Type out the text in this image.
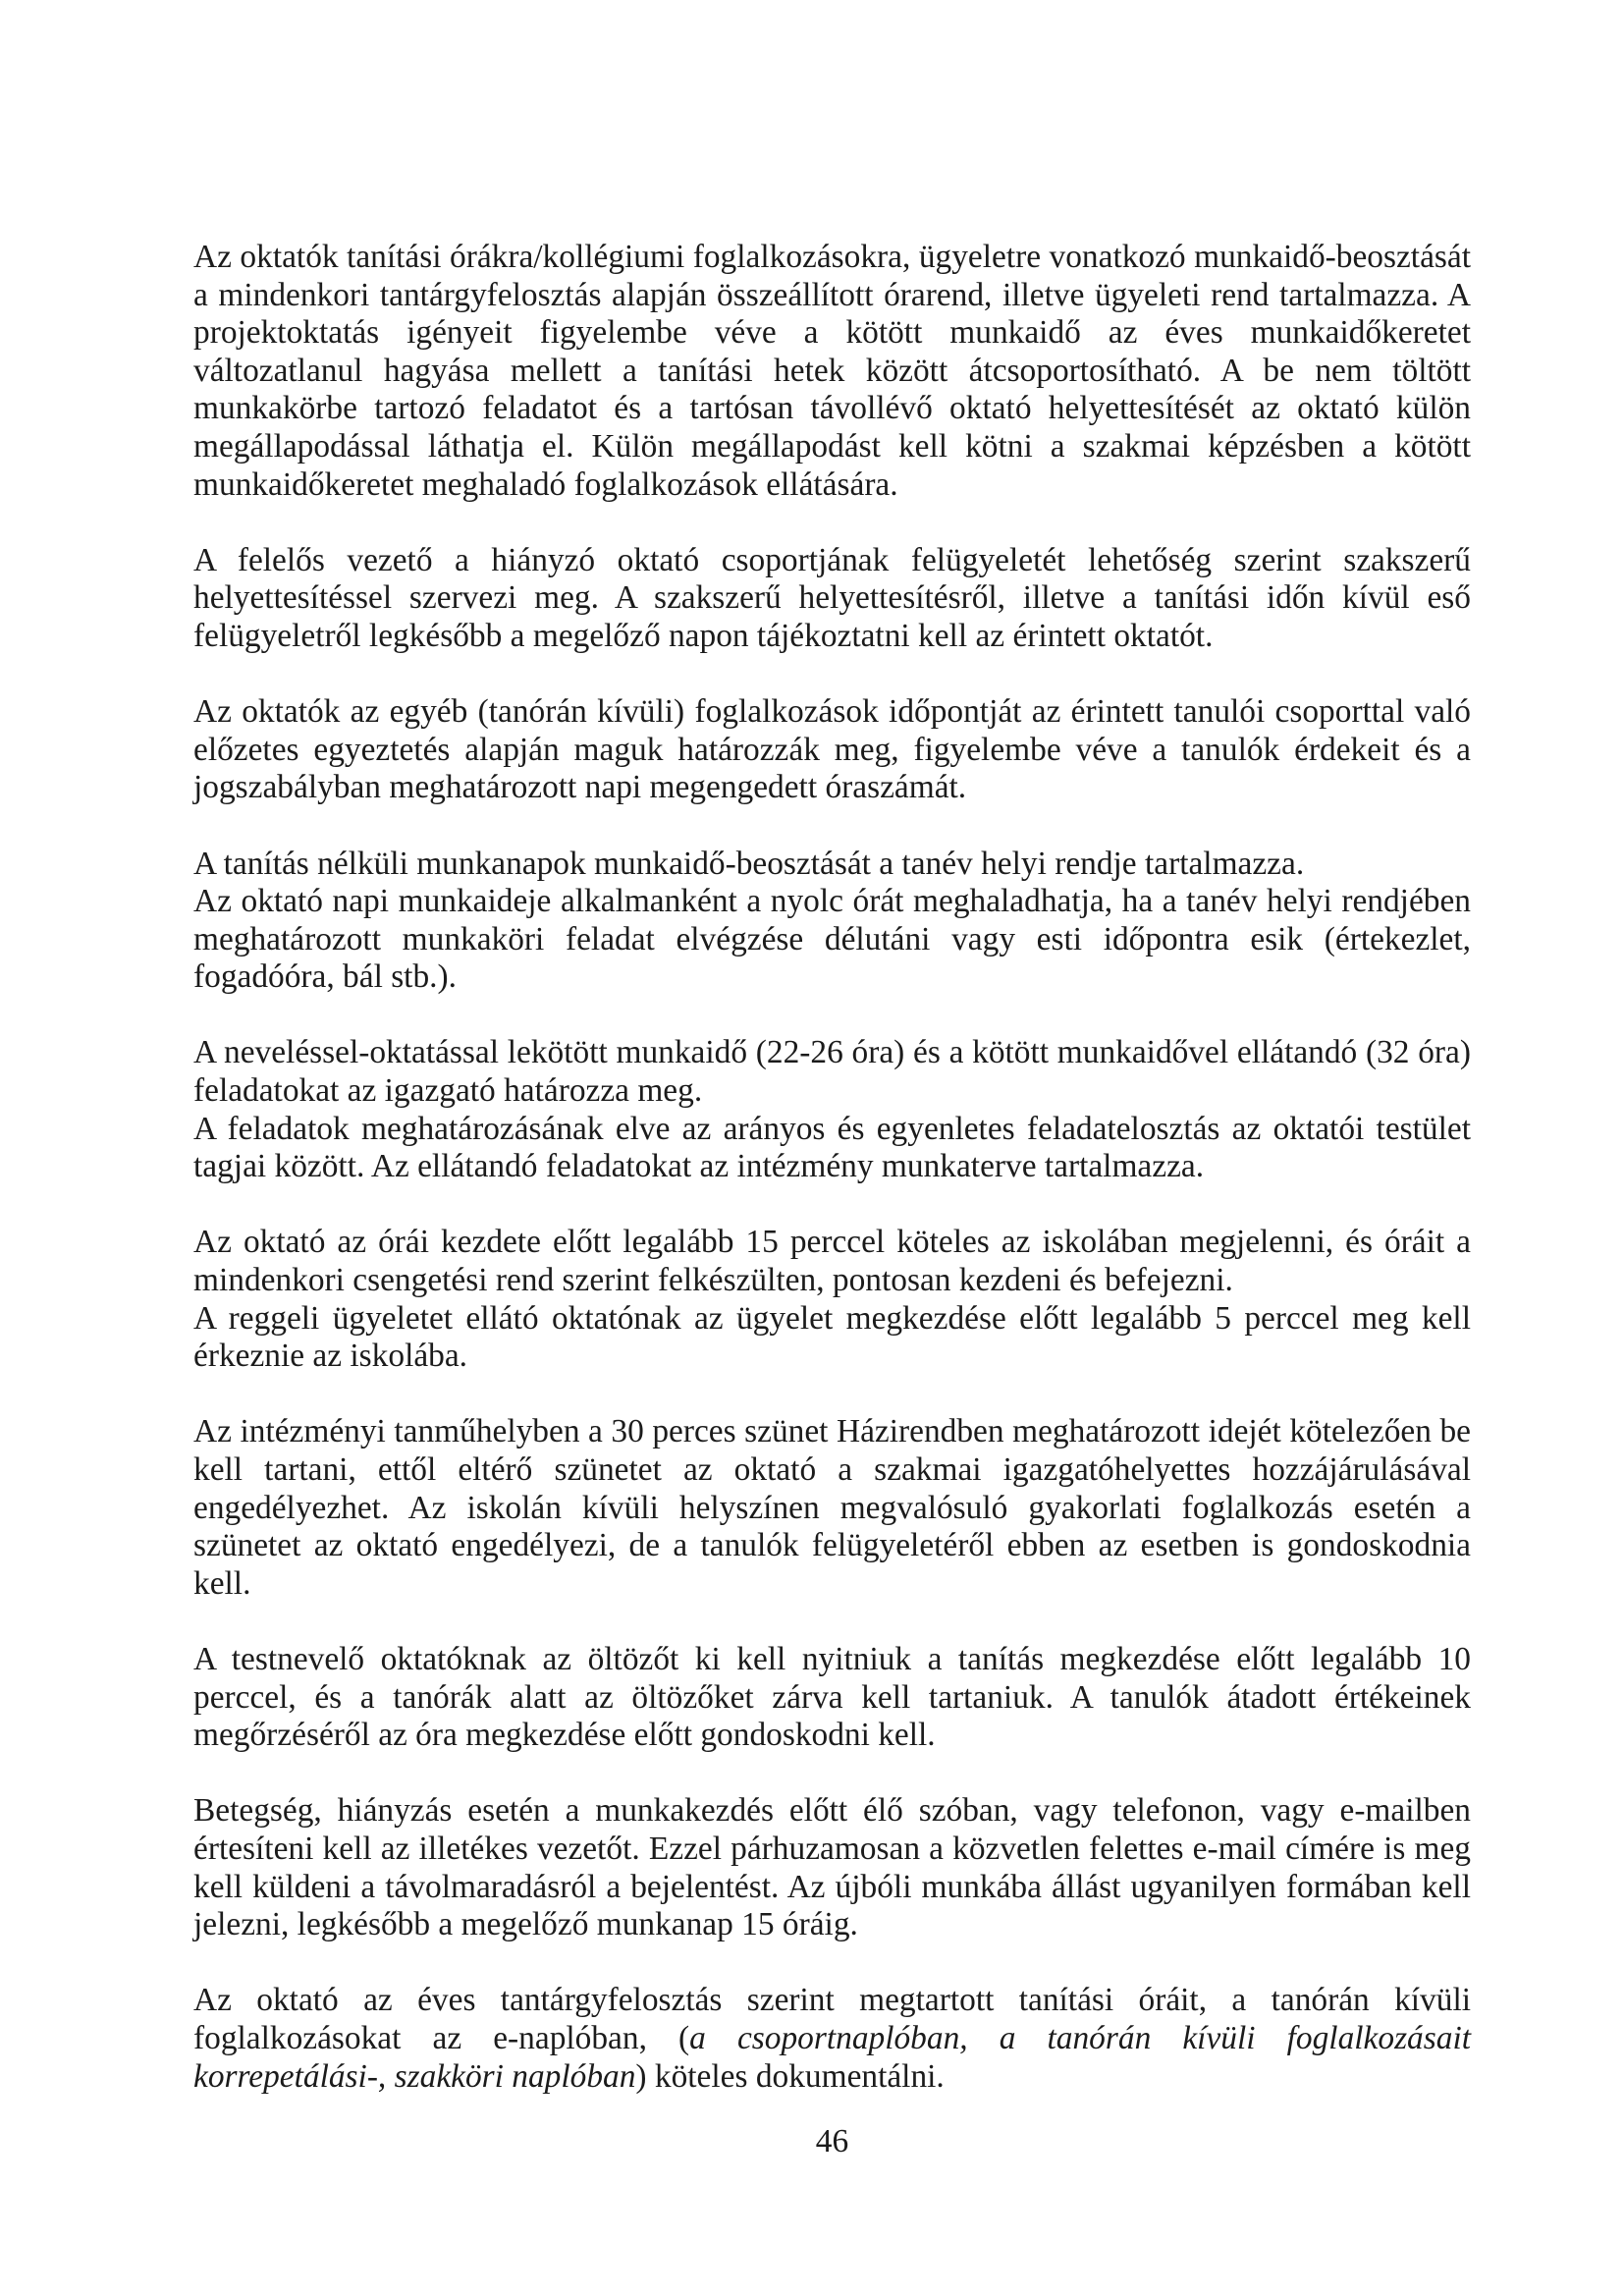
Az oktatók tanítási órákra/kollégiumi foglalkozásokra, ügyeletre vonatkozó munkaidő-beosztását a mindenkori tantárgyfelosztás alapján összeállított órarend, illetve ügyeleti rend tartalmazza. A projektoktatás igényeit figyelembe véve a kötött munkaidő az éves munkaidőkeretet változatlanul hagyása mellett a tanítási hetek között átcsoportosítható. A be nem töltött munkakörbe tartozó feladatot és a tartósan távollévő oktató helyettesítését az oktató külön megállapodással láthatja el. Külön megállapodást kell kötni a szakmai képzésben a kötött munkaidőkeretet meghaladó foglalkozások ellátására.

A felelős vezető a hiányzó oktató csoportjának felügyeletét lehetőség szerint szakszerű helyettesítéssel szervezi meg. A szakszerű helyettesítésről, illetve a tanítási időn kívül eső felügyeletről legkésőbb a megelőző napon tájékoztatni kell az érintett oktatót.

Az oktatók az egyéb (tanórán kívüli) foglalkozások időpontját az érintett tanulói csoporttal való előzetes egyeztetés alapján maguk határozzák meg, figyelembe véve a tanulók érdekeit és a jogszabályban meghatározott napi megengedett óraszámát.

A tanítás nélküli munkanapok munkaidő-beosztását a tanév helyi rendje tartalmazza.

Az oktató napi munkaideje alkalmanként a nyolc órát meghaladhatja, ha a tanév helyi rendjében meghatározott munkaköri feladat elvégzése délutáni vagy esti időpontra esik (értekezlet, fogadóóra, bál stb.).

A neveléssel-oktatással lekötött munkaidő (22-26 óra) és a kötött munkaidővel ellátandó (32 óra) feladatokat az igazgató határozza meg.

A feladatok meghatározásának elve az arányos és egyenletes feladatelosztás az oktatói testület tagjai között. Az ellátandó feladatokat az intézmény munkaterve tartalmazza.

Az oktató az órái kezdete előtt legalább 15 perccel köteles az iskolában megjelenni, és óráit a mindenkori csengetési rend szerint felkészülten, pontosan kezdeni és befejezni.

A reggeli ügyeletet ellátó oktatónak az ügyelet megkezdése előtt legalább 5 perccel meg kell érkeznie az iskolába.

Az intézményi tanműhelyben a 30 perces szünet Házirendben meghatározott idejét kötelezően be kell tartani, ettől eltérő szünetet az oktató a szakmai igazgatóhelyettes hozzájárulásával engedélyezhet. Az iskolán kívüli helyszínen megvalósuló gyakorlati foglalkozás esetén a szünetet az oktató engedélyezi, de a tanulók felügyeletéről ebben az esetben is gondoskodnia kell.

A testnevelő oktatóknak az öltözőt ki kell nyitniuk a tanítás megkezdése előtt legalább 10 perccel, és a tanórák alatt az öltözőket zárva kell tartaniuk. A tanulók átadott értékeinek megőrzéséről az óra megkezdése előtt gondoskodni kell.

Betegség, hiányzás esetén a munkakezdés előtt élő szóban, vagy telefonon, vagy e-mailben értesíteni kell az illetékes vezetőt. Ezzel párhuzamosan a közvetlen felettes e-mail címére is meg kell küldeni a távolmaradásról a bejelentést. Az újbóli munkába állást ugyanilyen formában kell jelezni, legkésőbb a megelőző munkanap 15 óráig.

Az oktató az éves tantárgyfelosztás szerint megtartott tanítási óráit, a tanórán kívüli foglalkozásokat az e-naplóban, (a csoportnaplóban, a tanórán kívüli foglalkozásait korrepetálási-, szakköri naplóban) köteles dokumentálni.

46
